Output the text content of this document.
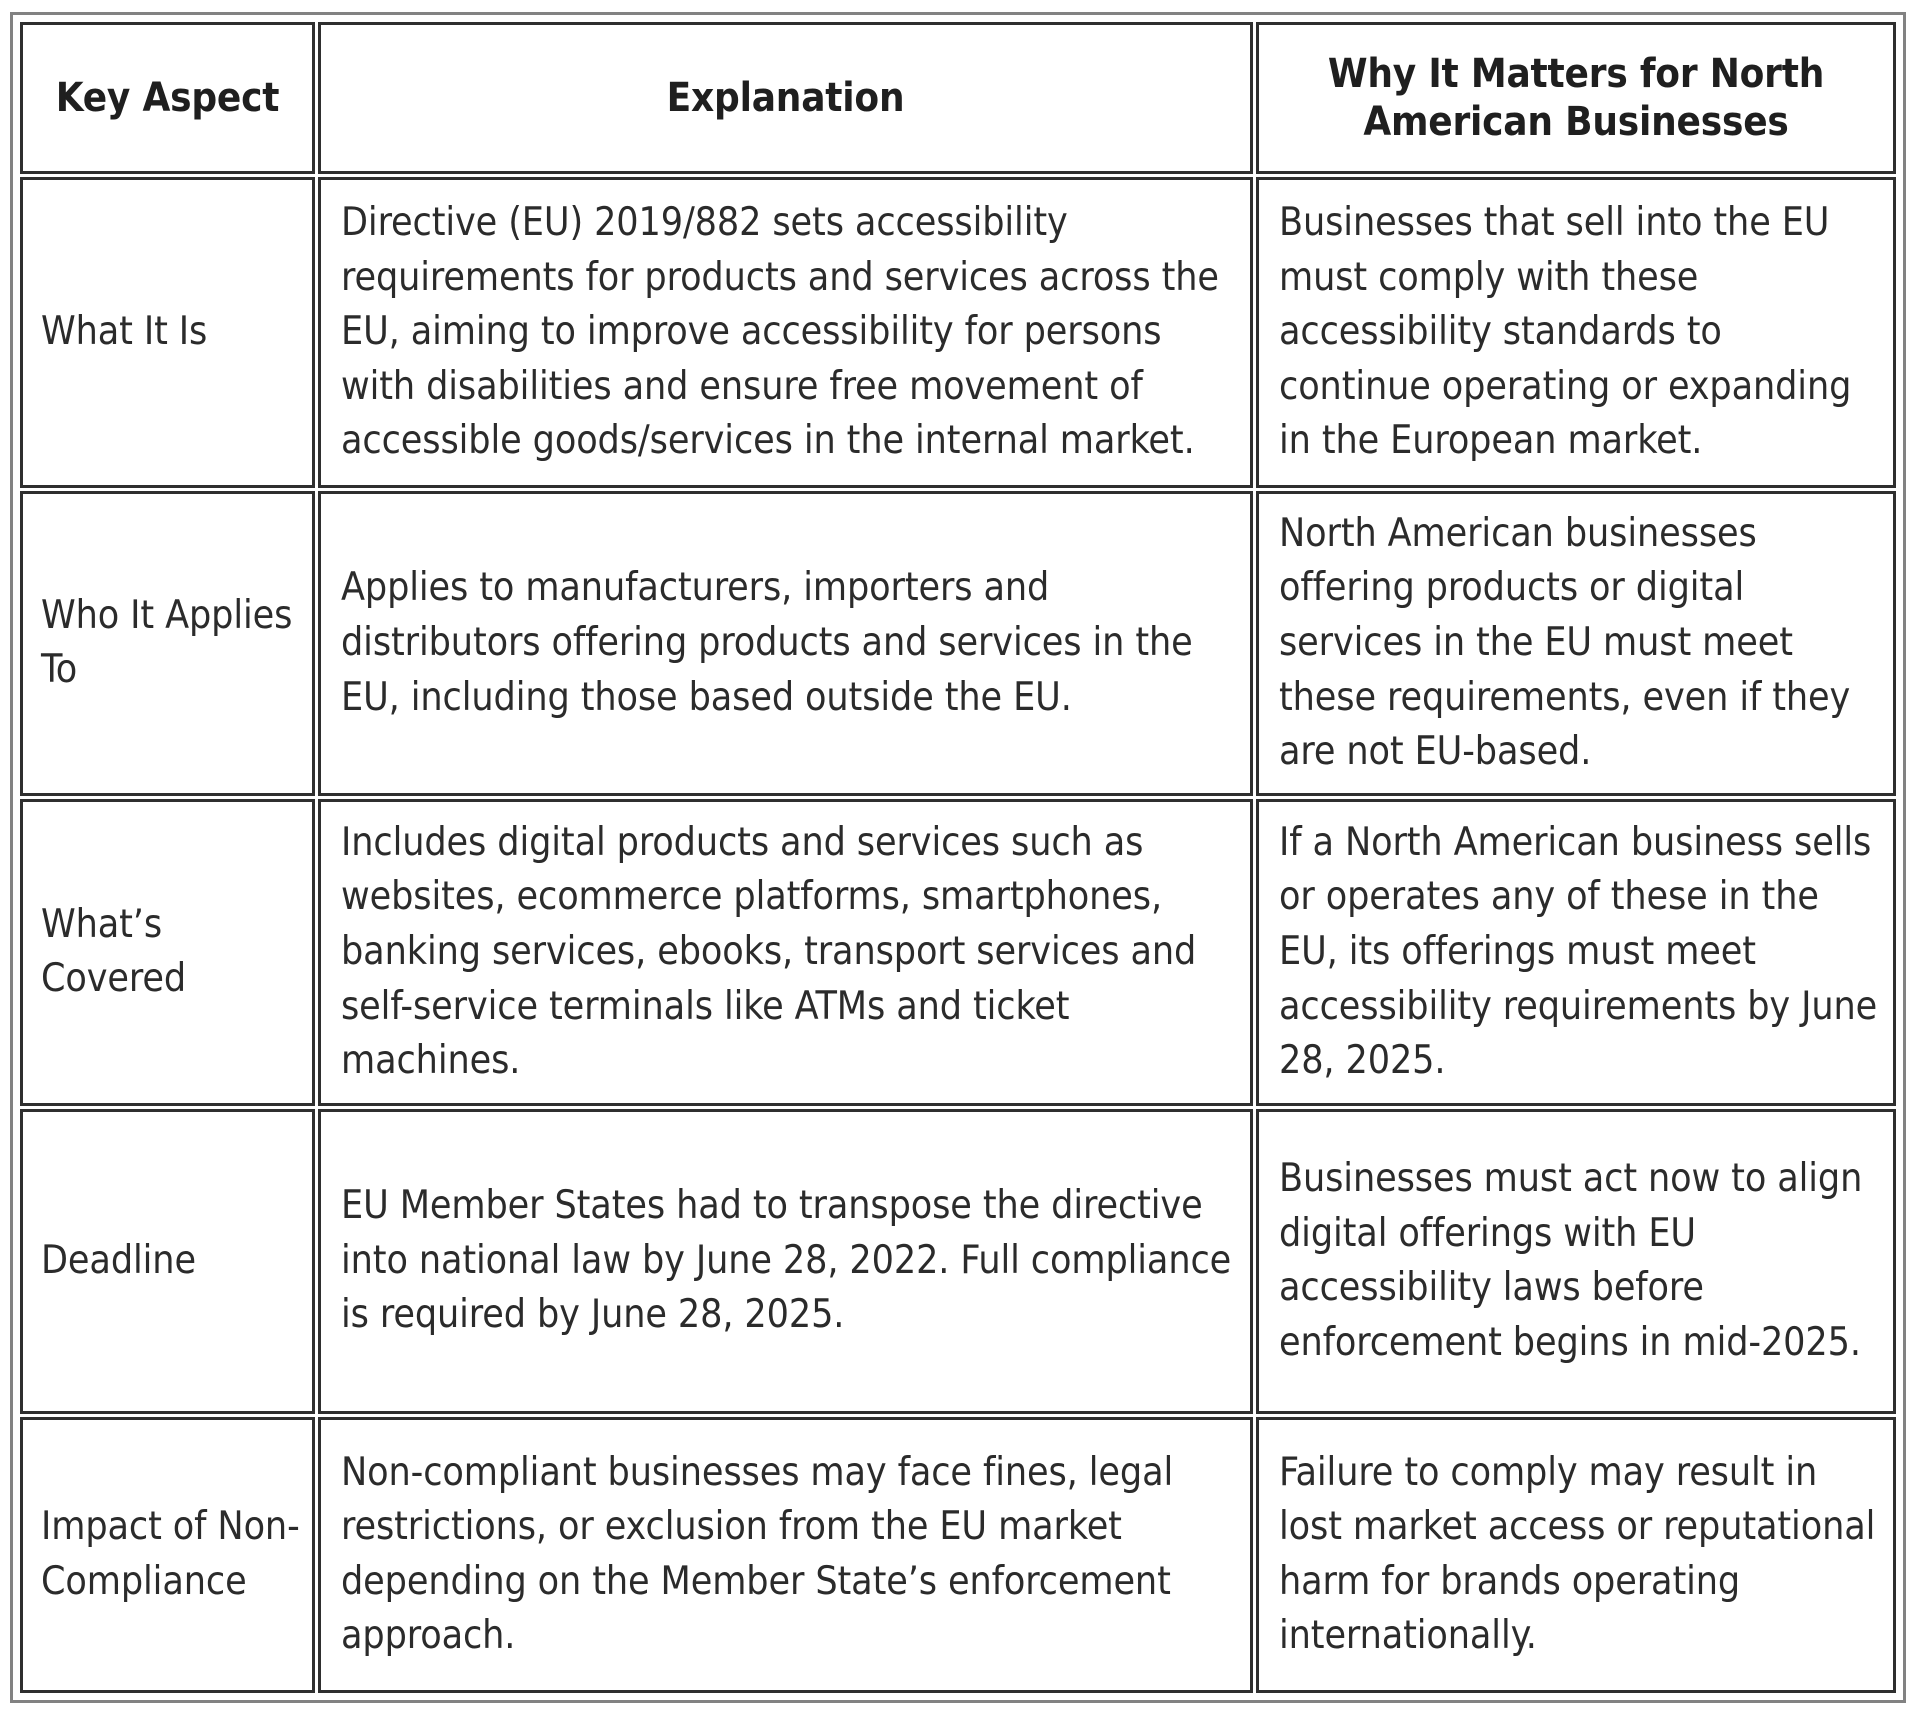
Key Aspect	Explanation	Why It Matters for North American Businesses

What It Is	Directive (EU) 2019/882 sets accessibility requirements for products and services across the EU, aiming to improve accessibility for persons with disabilities and ensure free movement of accessible goods/services in the internal market.	Businesses that sell into the EU must comply with these accessibility standards to continue operating or expanding in the European market.

Who It Applies To	Applies to manufacturers, importers and distributors offering products and services in the EU, including those based outside the EU.	North American businesses offering products or digital services in the EU must meet these requirements, even if they are not EU-based.

What’s Covered	Includes digital products and services such as websites, ecommerce platforms, smartphones, banking services, ebooks, transport services and self-service terminals like ATMs and ticket machines.	If a North American business sells or operates any of these in the EU, its offerings must meet accessibility requirements by June 28, 2025.

Deadline	EU Member States had to transpose the directive into national law by June 28, 2022. Full compliance is required by June 28, 2025.	Businesses must act now to align digital offerings with EU accessibility laws before enforcement begins in mid-2025.

Impact of Non-Compliance	Non-compliant businesses may face fines, legal restrictions, or exclusion from the EU market depending on the Member State’s enforcement approach.	Failure to comply may result in lost market access or reputational harm for brands operating internationally.
